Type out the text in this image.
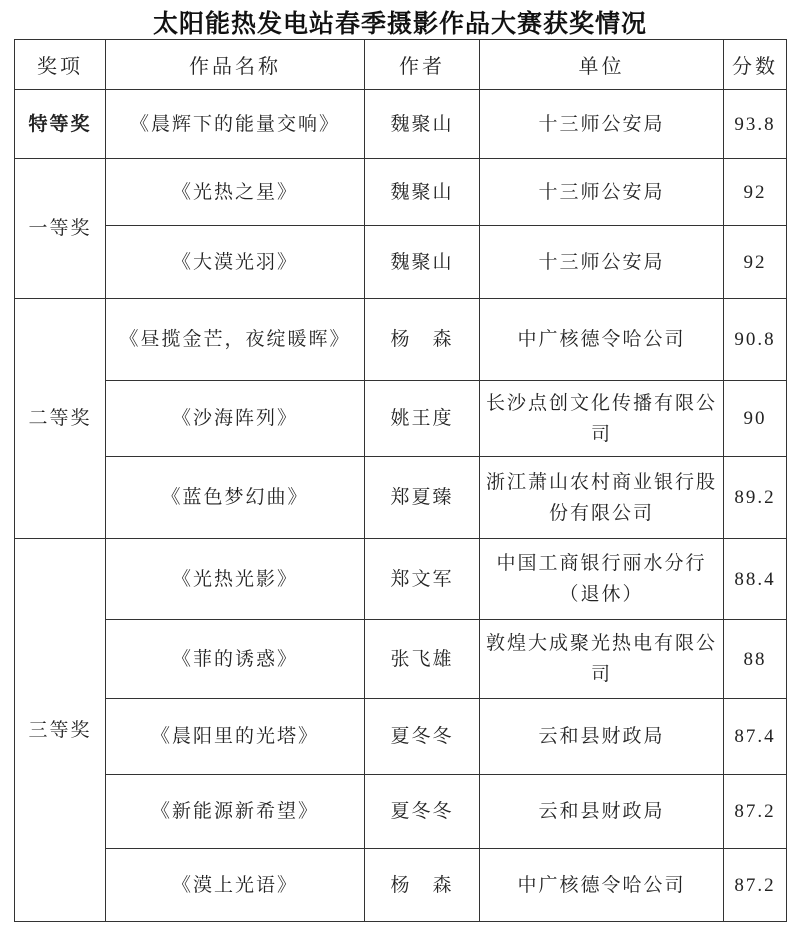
太阳能热发电站春季摄影作品大赛获奖情况
奖项	作品名称	作者	单位	分数
特等奖	《晨辉下的能量交响》	魏聚山	十三师公安局	93.8
一等奖	《光热之星》	魏聚山	十三师公安局	92
	《大漠光羽》	魏聚山	十三师公安局	92
二等奖	《昼揽金芒，夜绽暖晖》	杨　森	中广核德令哈公司	90.8
	《沙海阵列》	姚王度	长沙点创文化传播有限公司	90
	《蓝色梦幻曲》	郑夏臻	浙江萧山农村商业银行股份有限公司	89.2
三等奖	《光热光影》	郑文军	中国工商银行丽水分行（退休）	88.4
	《菲的诱惑》	张飞雄	敦煌大成聚光热电有限公司	88
	《晨阳里的光塔》	夏冬冬	云和县财政局	87.4
	《新能源新希望》	夏冬冬	云和县财政局	87.2
	《漠上光语》	杨　森	中广核德令哈公司	87.2
